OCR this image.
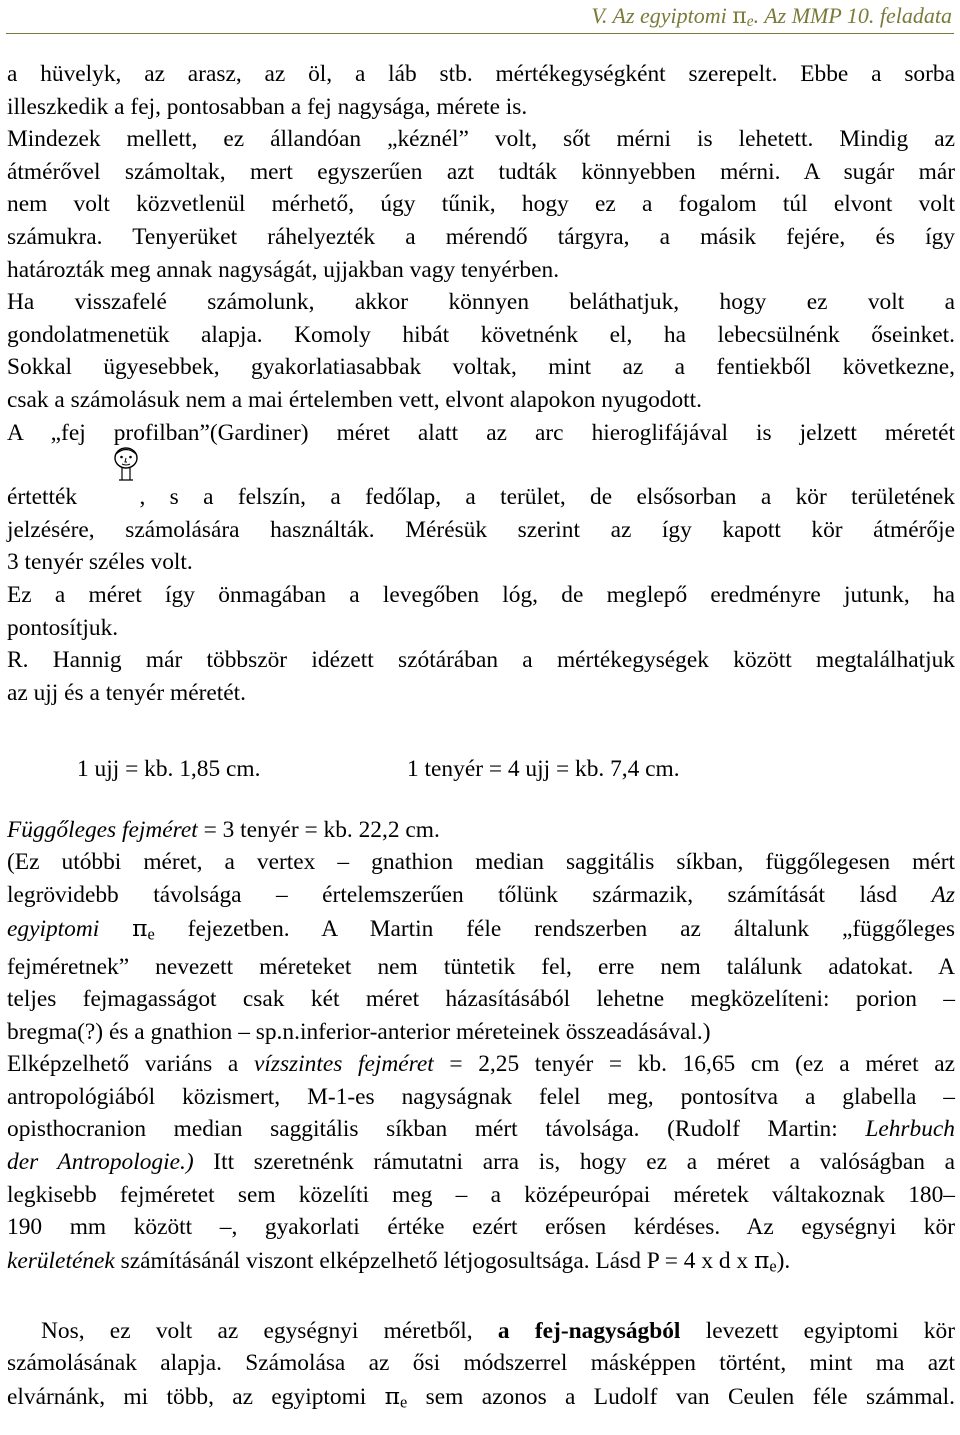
V. Az egyiptomi $\pi_e$. Az MMP 10. feladata

a hüvelyk, az arasz, az öl, a láb stb. mértékegységként szerepelt. Ebbe a sorba

illeszkedik a fej, pontosabban a fej nagysága, mérete is.

Mindezek mellett, ez állandóan „kéznél” volt, sőt mérni is lehetett. Mindig az

átmérővel számoltak, mert egyszerűen azt tudták könnyebben mérni. A sugár már

nem volt közvetlenül mérhető, úgy tűnik, hogy ez a fogalom túl elvont volt

számukra. Tenyerüket ráhelyezték a mérendő tárgyra, a másik fejére, és így

határozták meg annak nagyságát, ujjakban vagy tenyérben.

Ha visszafelé számolunk, akkor könnyen beláthatjuk, hogy ez volt a

gondolatmenetük alapja. Komoly hibát követnénk el, ha lebecsülnénk őseinket.

Sokkal ügyesebbek, gyakorlatiasabbak voltak, mint az a fentiekből következne,

csak a számolásuk nem a mai értelemben vett, elvont alapokon nyugodott.

A „fej profilban”(Gardiner) méret alatt az arc hieroglifájával is jelzett méretét

értették , s a felszín, a fedőlap, a terület, de elsősorban a kör területének

jelzésére, számolására használták. Mérésük szerint az így kapott kör átmérője

3 tenyér széles volt.

Ez a méret így önmagában a levegőben lóg, de meglepő eredményre jutunk, ha

pontosítjuk.

R. Hannig már többször idézett szótárában a mértékegységek között megtalálhatjuk

az ujj és a tenyér méretét.

1 ujj = kb. 1,85 cm.	1 tenyér = 4 ujj = kb. 7,4 cm.

Függőleges fejméret = 3 tenyér = kb. 22,2 cm.

(Ez utóbbi méret, a vertex – gnathion median saggitális síkban, függőlegesen mért

legrövidebb távolsága – értelemszerűen tőlünk származik, számítását lásd Az

egyiptomi $\pi_e$ fejezetben. A Martin féle rendszerben az általunk „függőleges

fejméretnek” nevezett méreteket nem tüntetik fel, erre nem találunk adatokat. A

teljes fejmagasságot csak két méret házasításából lehetne megközelíteni: porion –

bregma(?) és a gnathion – sp.n.inferior-anterior méreteinek összeadásával.)

Elképzelhető variáns a vízszintes fejméret = 2,25 tenyér = kb. 16,65 cm (ez a méret az

antropológiából közismert, M-1-es nagyságnak felel meg, pontosítva a glabella –

opisthocranion median saggitális síkban mért távolsága. (Rudolf Martin: Lehrbuch

der Antropologie.) Itt szeretnénk rámutatni arra is, hogy ez a méret a valóságban a

legkisebb fejméretet sem közelíti meg – a középeurópai méretek váltakoznak 180–

190 mm között –, gyakorlati értéke ezért erősen kérdéses. Az egységnyi kör

kerületének számításánál viszont elképzelhető létjogosultsága. Lásd P = 4 x d x $\pi_e$).

Nos, ez volt az egységnyi méretből, a fej-nagyságból levezett egyiptomi kör

számolásának alapja. Számolása az ősi módszerrel másképpen történt, mint ma azt

elvárnánk, mi több, az egyiptomi $\pi_e$ sem azonos a Ludolf van Ceulen féle számmal.
